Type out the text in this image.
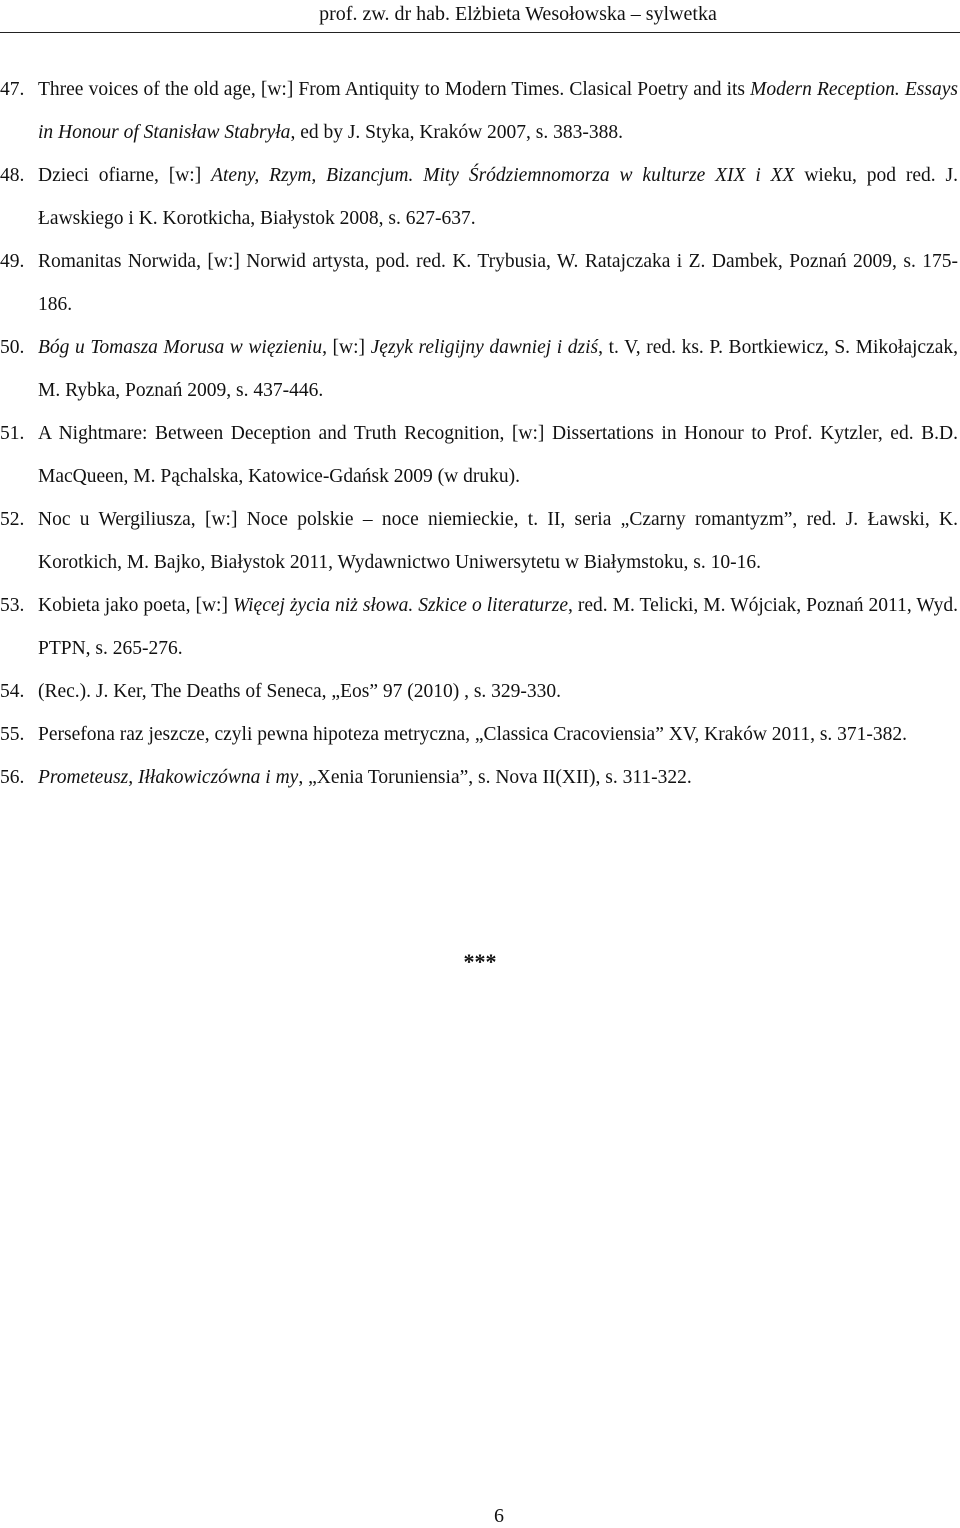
prof. zw. dr hab. Elżbieta Wesołowska – sylwetka

47. Three voices of the old age, [w:] From Antiquity to Modern Times. Clasical Poetry and its Modern Reception. Essays in Honour of Stanisław Stabryła, ed by J. Styka, Kraków 2007, s. 383-388.

48. Dzieci ofiarne, [w:] Ateny, Rzym, Bizancjum. Mity Śródziemnomorza w kulturze XIX i XX wieku, pod red. J. Ławskiego i K. Korotkicha, Białystok 2008, s. 627-637.

49. Romanitas Norwida, [w:] Norwid artysta, pod. red. K. Trybusia, W. Ratajczaka i Z. Dambek, Poznań 2009, s. 175-186.

50. Bóg u Tomasza Morusa w więzieniu, [w:] Język religijny dawniej i dziś, t. V, red. ks. P. Bortkiewicz, S. Mikołajczak, M. Rybka, Poznań 2009, s. 437-446.

51. A Nightmare: Between Deception and Truth Recognition, [w:] Dissertations in Honour to Prof. Kytzler, ed. B.D. MacQueen, M. Pąchalska, Katowice-Gdańsk 2009 (w druku).

52. Noc u Wergiliusza, [w:] Noce polskie – noce niemieckie, t. II, seria „Czarny romantyzm”, red. J. Ławski, K. Korotkich, M. Bajko, Białystok 2011, Wydawnictwo Uniwersytetu w Białymstoku, s. 10-16.

53. Kobieta jako poeta, [w:] Więcej życia niż słowa. Szkice o literaturze, red. M. Telicki, M. Wójciak, Poznań 2011, Wyd. PTPN, s. 265-276.

54. (Rec.). J. Ker, The Deaths of Seneca, „Eos” 97 (2010) , s. 329-330.

55. Persefona raz jeszcze, czyli pewna hipoteza metryczna, „Classica Cracoviensia” XV, Kraków 2011, s. 371-382.

56. Prometeusz, Iłłakowiczówna i my, „Xenia Toruniensia”, s. Nova II(XII), s. 311-322.

***
6
